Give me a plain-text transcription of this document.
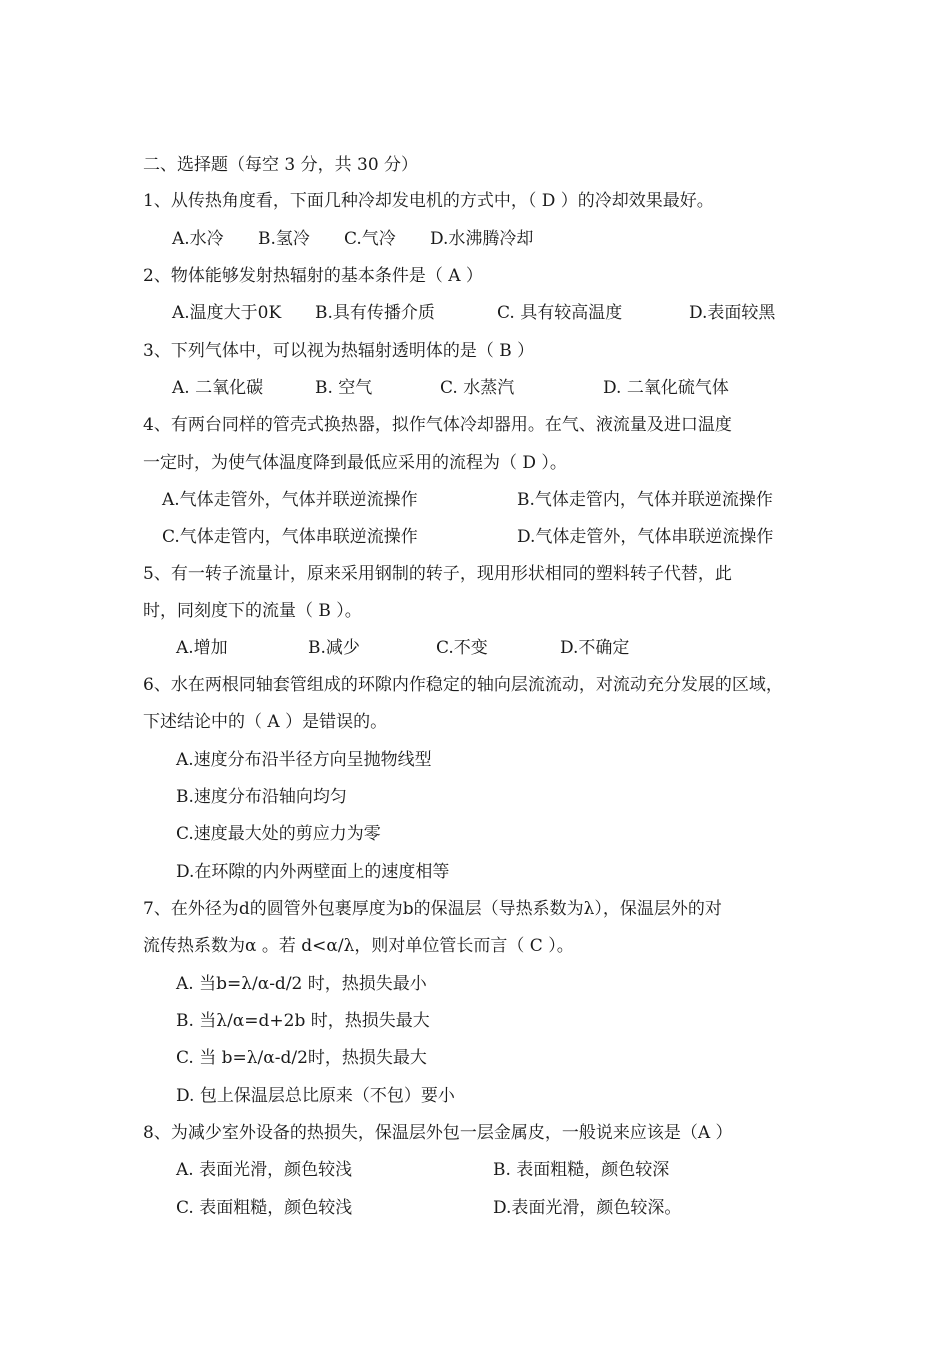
二、选择题（每空 3 分，共 30 分）
1、从传热角度看，下面几种冷却发电机的方式中，（ D ）的冷却效果最好。
A.水冷 B.氢冷 C.气冷 D.水沸腾冷却
2、物体能够发射热辐射的基本条件是（ A ）
A.温度大于0K B.具有传播介质	C. 具有较高温度	D.表面较黑
3、下列气体中，可以视为热辐射透明体的是（ B ）
A. 二氧化碳	B. 空气	C. 水蒸汽	D. 二氧化硫气体
4、有两台同样的管壳式换热器，拟作气体冷却器用。在气、液流量及进口温度
一定时，为使气体温度降到最低应采用的流程为（ D ）。
A.气体走管外，气体并联逆流操作	B.气体走管内，气体并联逆流操作
C.气体走管内，气体串联逆流操作	D.气体走管外，气体串联逆流操作
5、有一转子流量计，原来采用钢制的转子，现用形状相同的塑料转子代替，此
时，同刻度下的流量（ B ）。
A.增加	B.减少	C.不变	D.不确定
6、水在两根同轴套管组成的环隙内作稳定的轴向层流流动，对流动充分发展的区域，
下述结论中的（ A ）是错误的。
A.速度分布沿半径方向呈抛物线型
B.速度分布沿轴向均匀
C.速度最大处的剪应力为零
D.在环隙的内外两壁面上的速度相等
7、在外径为d的圆管外包裹厚度为b的保温层（导热系数为λ），保温层外的对
流传热系数为α 。若 d<α/λ，则对单位管长而言（ C ）。
A. 当b=λ/α-d/2 时，热损失最小
B. 当λ/α=d+2b 时，热损失最大
C. 当 b=λ/α-d/2时，热损失最大
D. 包上保温层总比原来（不包）要小
8、为减少室外设备的热损失，保温层外包一层金属皮，一般说来应该是（A ）
A. 表面光滑，颜色较浅	B. 表面粗糙，颜色较深
C. 表面粗糙，颜色较浅	D.表面光滑，颜色较深。
